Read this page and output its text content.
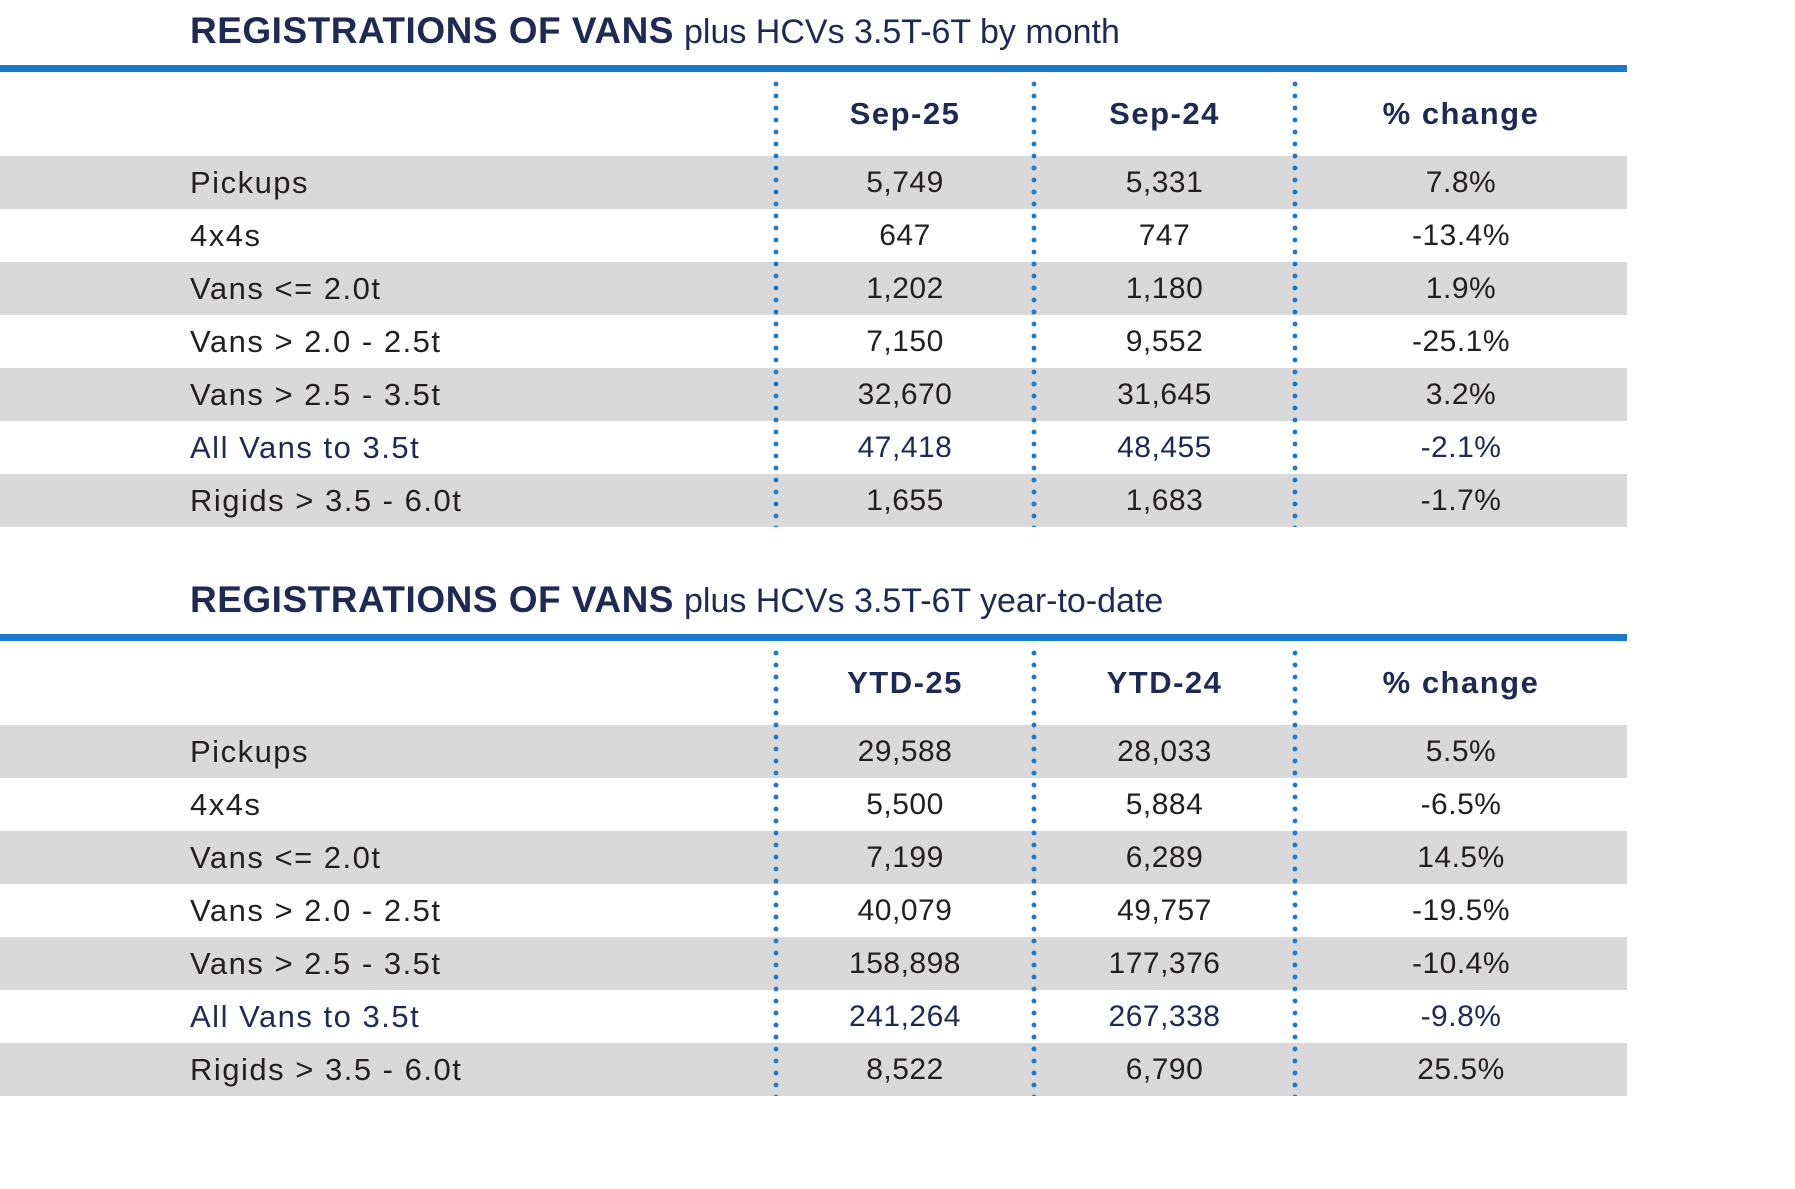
REGISTRATIONS OF VANS plus HCVs 3.5T-6T by month
Sep-25	Sep-24	% change
Pickups	5,749	5,331	7.8%
4x4s	647	747	-13.4%
Vans <= 2.0t	1,202	1,180	1.9%
Vans > 2.0 - 2.5t	7,150	9,552	-25.1%
Vans > 2.5 - 3.5t	32,670	31,645	3.2%
All Vans to 3.5t	47,418	48,455	-2.1%
Rigids > 3.5 - 6.0t	1,655	1,683	-1.7%
REGISTRATIONS OF VANS plus HCVs 3.5T-6T year-to-date
YTD-25	YTD-24	% change
Pickups	29,588	28,033	5.5%
4x4s	5,500	5,884	-6.5%
Vans <= 2.0t	7,199	6,289	14.5%
Vans > 2.0 - 2.5t	40,079	49,757	-19.5%
Vans > 2.5 - 3.5t	158,898	177,376	-10.4%
All Vans to 3.5t	241,264	267,338	-9.8%
Rigids > 3.5 - 6.0t	8,522	6,790	25.5%
